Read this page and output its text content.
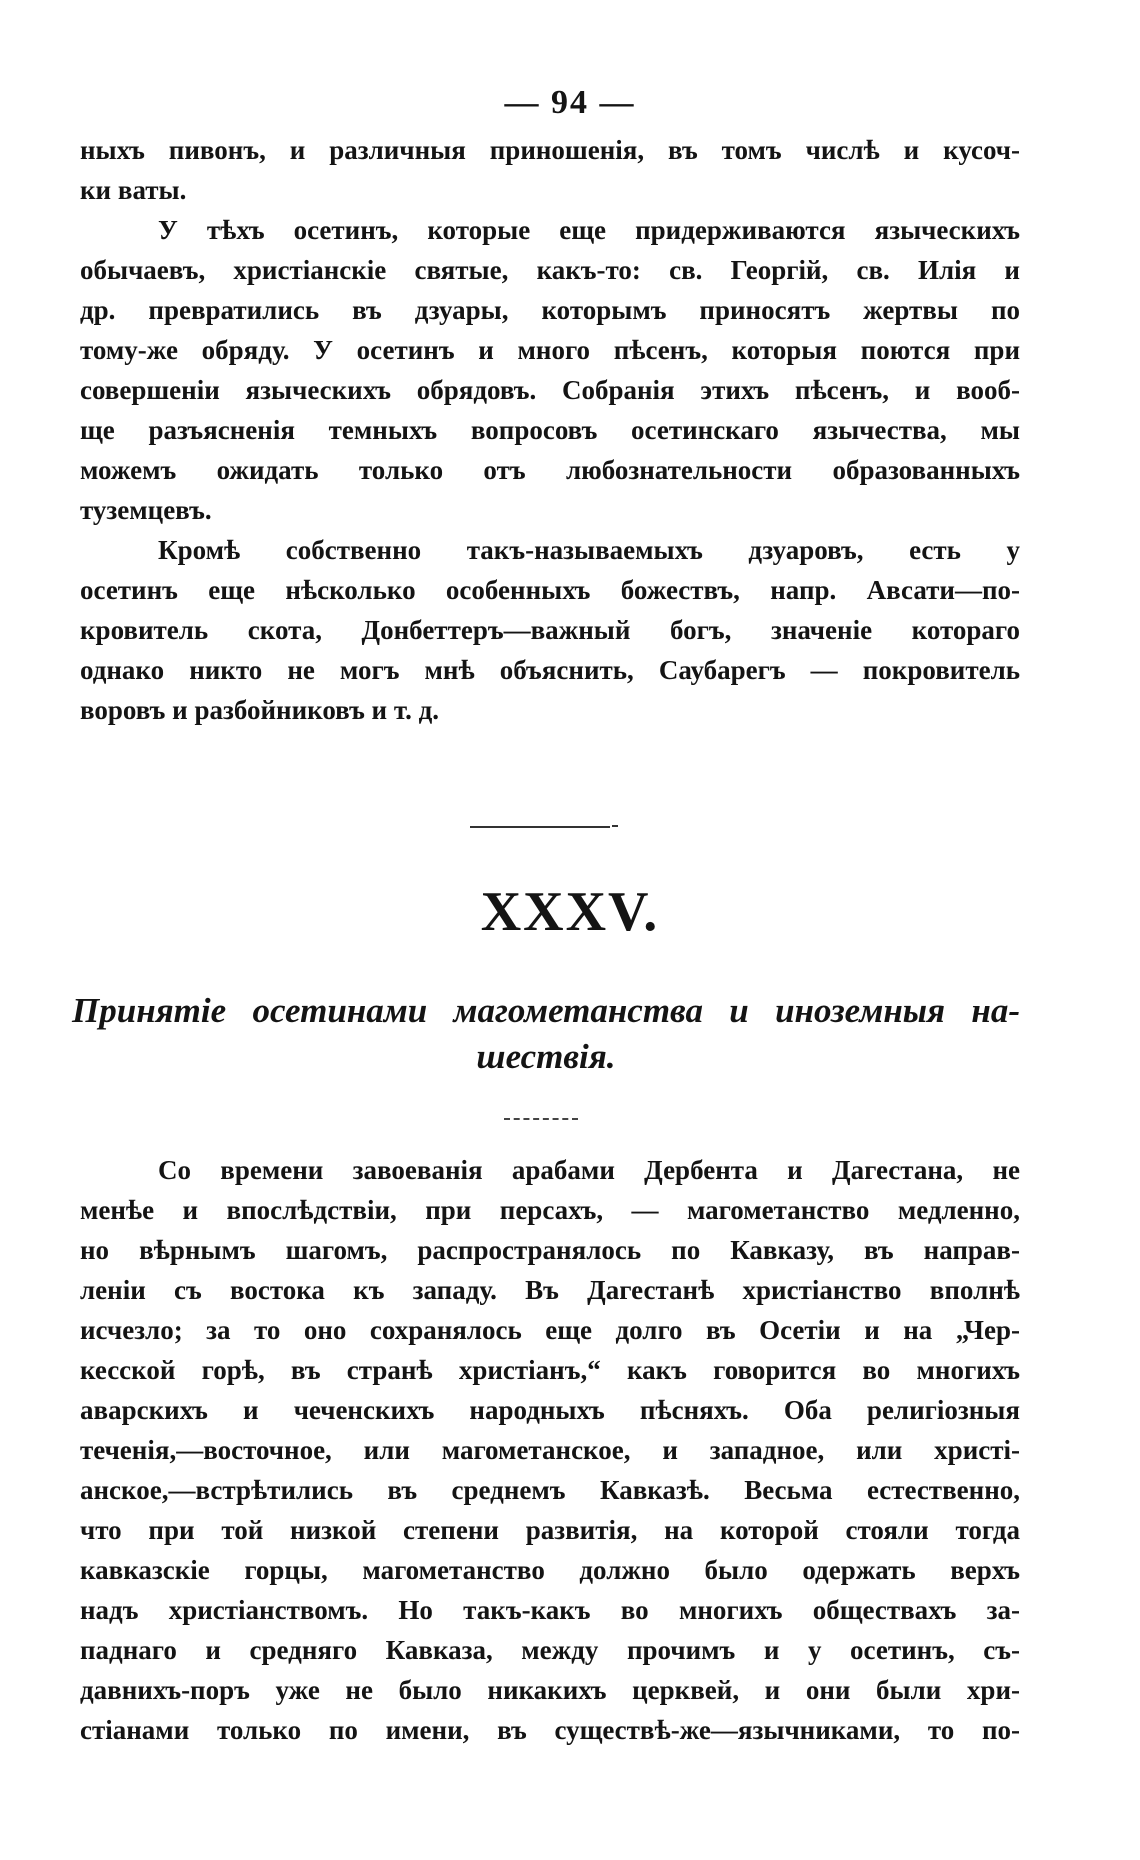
— 94 —
ныхъ пивонъ, и различныя приношенія, въ томъ числѣ и кусоч-
ки ваты.
У тѣхъ осетинъ, которые еще придерживаются языческихъ
обычаевъ, христіанскіе святые, какъ-то: св. Георгій, св. Илія и
др. превратились въ дзуары, которымъ приносятъ жертвы по
тому-же обряду. У осетинъ и много пѣсенъ, которыя поются при
совершеніи языческихъ обрядовъ. Собранія этихъ пѣсенъ, и вооб-
ще разъясненія темныхъ вопросовъ осетинскаго язычества, мы
можемъ ожидать только отъ любознательности образованныхъ
туземцевъ.
Кромѣ собственно такъ-называемыхъ дзуаровъ, есть у
осетинъ еще нѣсколько особенныхъ божествъ, напр. Авсати—по-
кровитель скота, Донбеттеръ—важный богъ, значеніе котораго
однако никто не могъ мнѣ объяснить, Саубарегъ — покровитель
воровъ и разбойниковъ и т. д.
XXXV.
Принятіе осетинами магометанства и иноземныя на-
шествія.
Со времени завоеванія арабами Дербента и Дагестана, не
менѣе и впослѣдствіи, при персахъ, — магометанство медленно,
но вѣрнымъ шагомъ, распространялось по Кавказу, въ направ-
леніи съ востока къ западу. Въ Дагестанѣ христіанство вполнѣ
исчезло; за то оно сохранялось еще долго въ Осетіи и на „Чер-
кесской горѣ, въ странѣ христіанъ,“ какъ говорится во многихъ
аварскихъ и чеченскихъ народныхъ пѣсняхъ. Оба религіозныя
теченія,—восточное, или магометанское, и западное, или христі-
анское,—встрѣтились въ среднемъ Кавказѣ. Весьма естественно,
что при той низкой степени развитія, на которой стояли тогда
кавказскіе горцы, магометанство должно было одержать верхъ
надъ христіанствомъ. Но такъ-какъ во многихъ обществахъ за-
паднаго и средняго Кавказа, между прочимъ и у осетинъ, съ-
давнихъ-поръ уже не было никакихъ церквей, и они были хри-
стіанами только по имени, въ существѣ-же—язычниками, то по-
